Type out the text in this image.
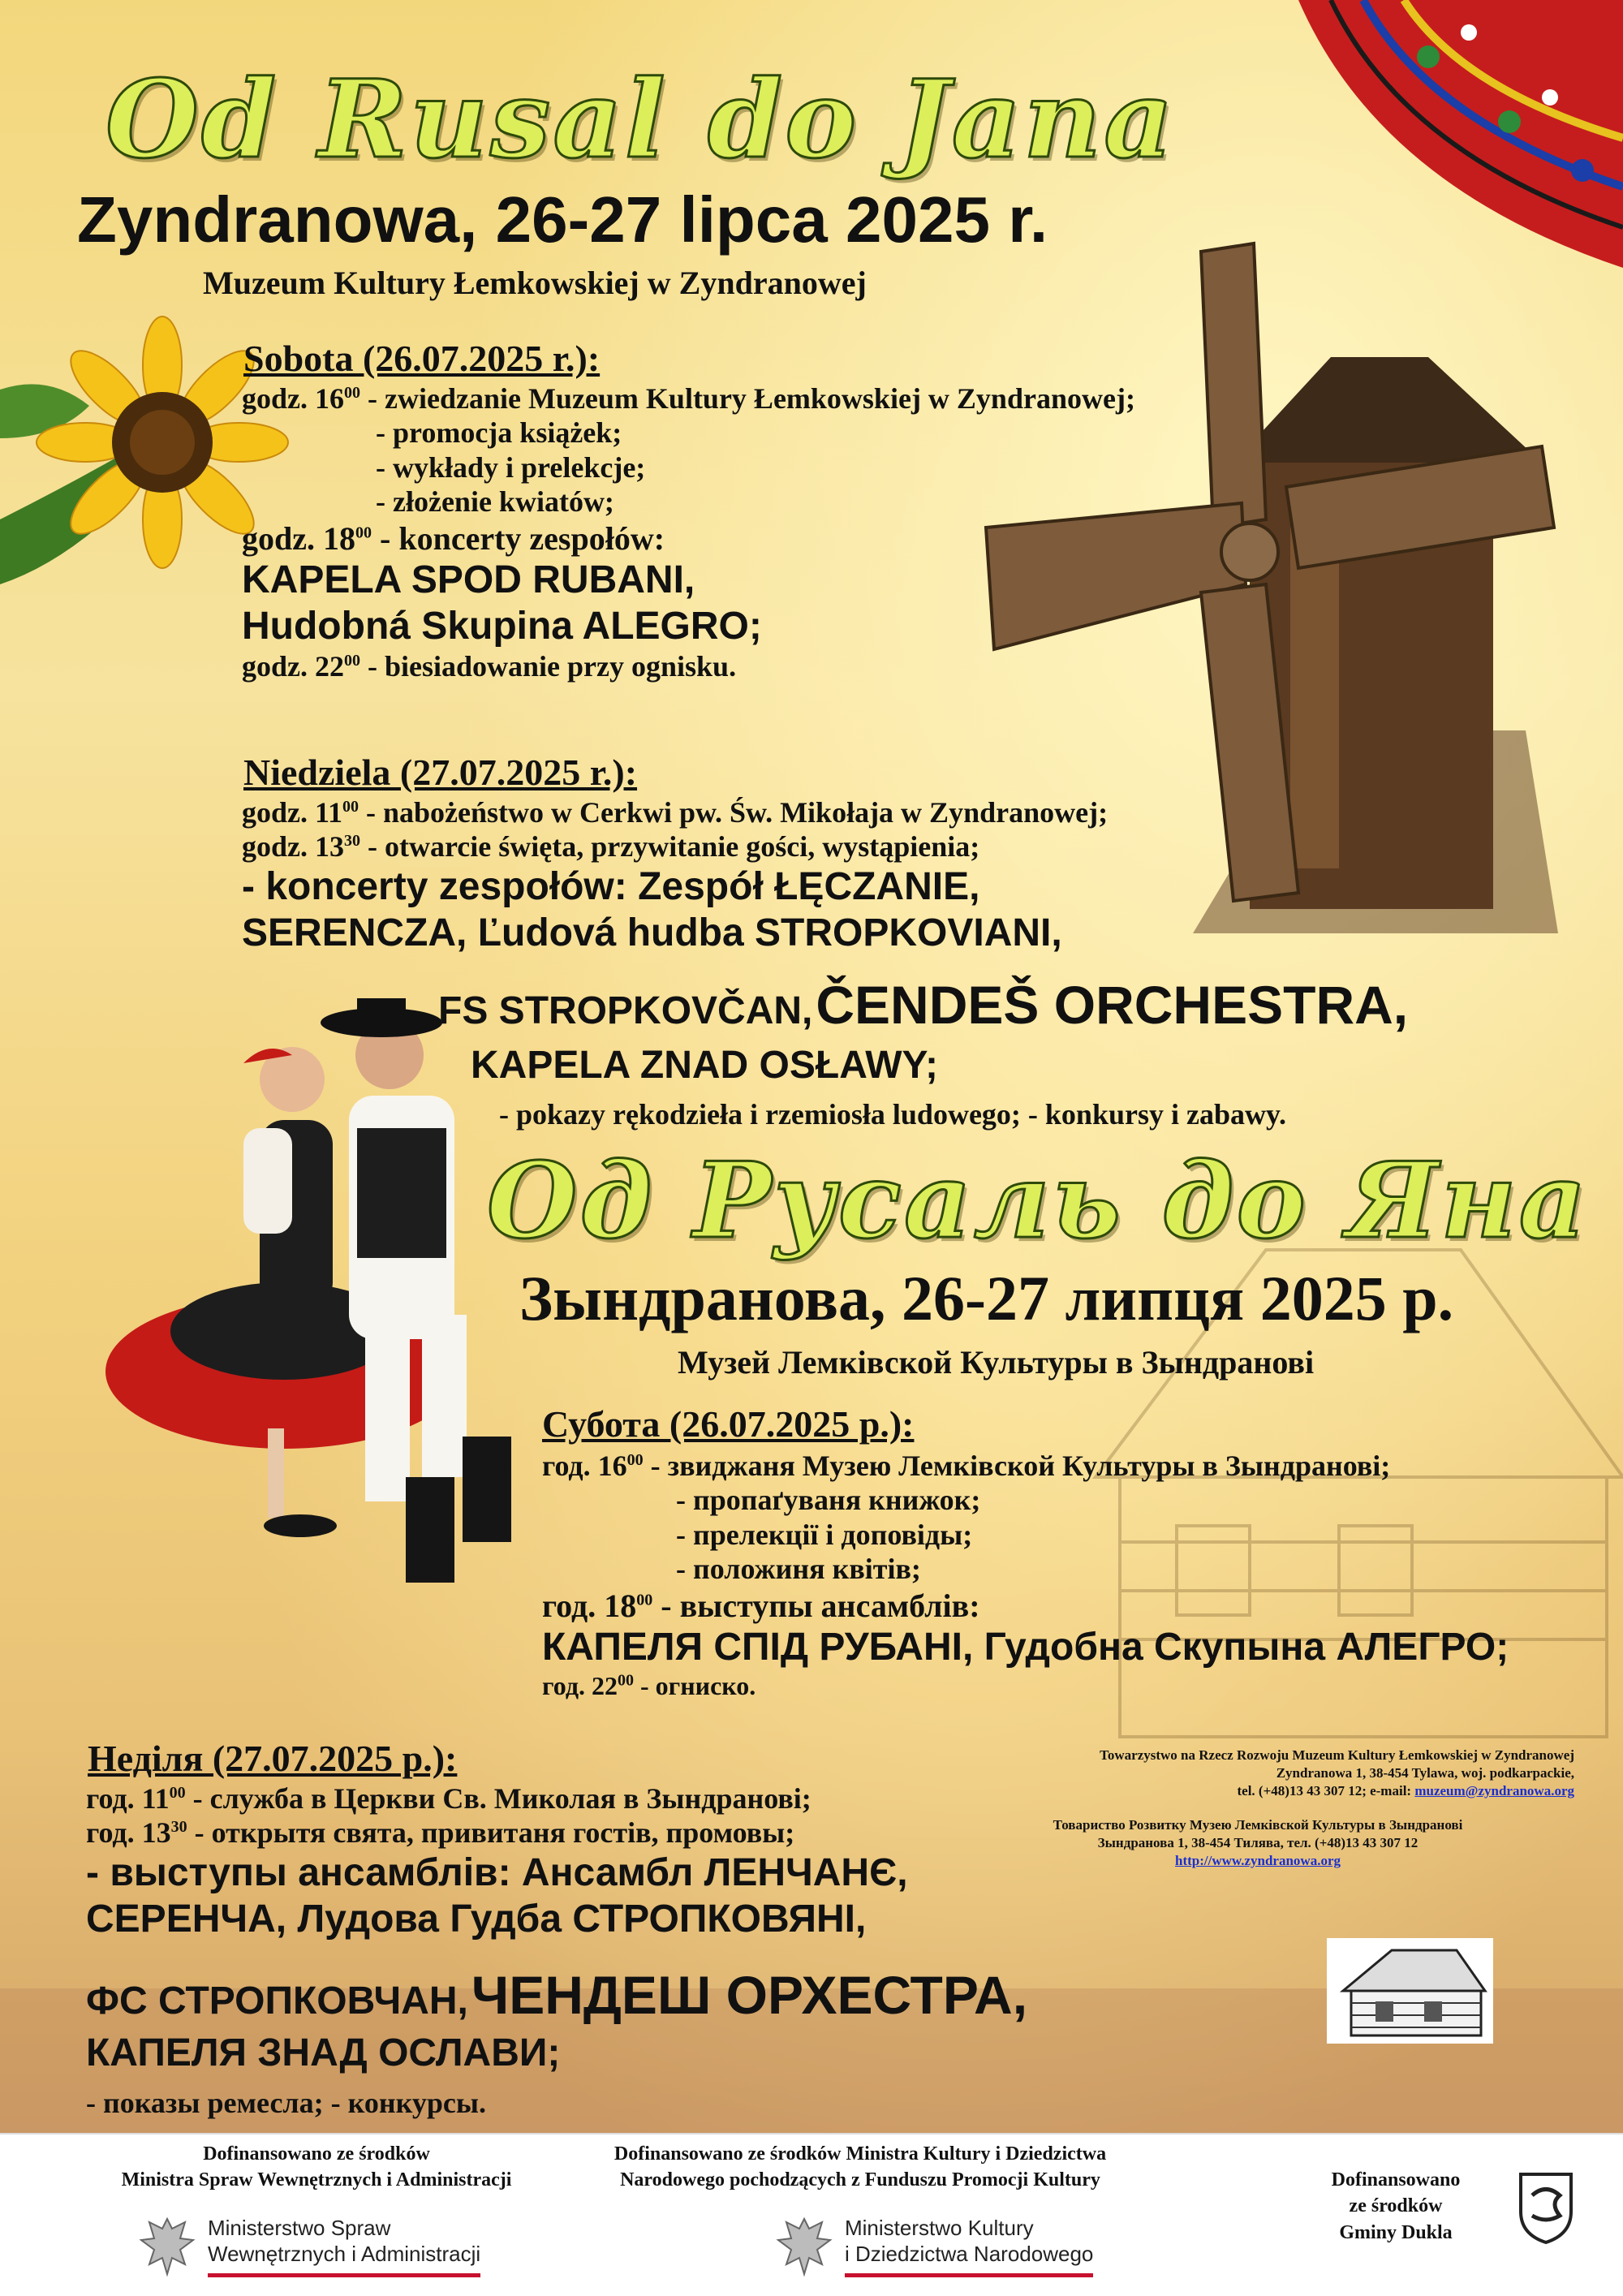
Od Rusal do Jana
Zyndranowa, 26-27 lipca 2025 r.
Muzeum Kultury Łemkowskiej w Zyndranowej
Sobota (26.07.2025 r.):
godz. $16^{00}$ - zwiedzanie Muzeum Kultury Łemkowskiej w Zyndranowej;
- promocja książek;
- wykłady i prelekcje;
- złożenie kwiatów;
godz. $18^{00}$ - koncerty zespołów:
KAPELA SPOD RUBANI,
Hudobná Skupina ALEGRO;
godz. $22^{00}$ - biesiadowanie przy ognisku.
Niedziela (27.07.2025 r.):
godz. $11^{00}$ - nabożeństwo w Cerkwi pw. Św. Mikołaja w Zyndranowej;
godz. $13^{30}$ - otwarcie święta, przywitanie gości, wystąpienia;
- koncerty zespołów: Zespół ŁĘCZANIE,
SERENCZA, Ľudová hudba STROPKOVIANI,
FS STROPKOVČAN, ČENDEŠ ORCHESTRA,
KAPELA ZNAD OSŁAWY;
- pokazy rękodzieła i rzemiosła ludowego; - konkursy i zabawy.
Од Русаль до Яна
Зындранова, 26-27 липця 2025 р.
Музей Лемківской Культуры в Зындранові
Субота (26.07.2025 р.):
год. $16^{00}$ - звиджаня Музею Лемківской Культуры в Зындранові;
- пропаґуваня книжок;
- прелекції і доповіды;
- положиня квітів;
год. $18^{00}$ - выступы ансамблів:
КАПЕЛЯ СПІД РУБАНІ, Гудобна Скупына АЛЕГРО;
год. $22^{00}$ - огниско.
Неділя (27.07.2025 р.):
год. $11^{00}$ - служба в Церкви Св. Миколая в Зындранові;
год. $13^{30}$ - открытя свята, привитаня гостів, промовы;
- выступы ансамблів: Ансамбл ЛЕНЧАНЄ,
СЕРЕНЧА, Лудова Гудба СТРОПКОВЯНІ,
ФС СТРОПКОВЧАН, ЧЕНДЕШ ОРХЕСТРА,
КАПЕЛЯ ЗНАД ОСЛАВИ;
- показы ремесла; - конкурсы.
Towarzystwo na Rzecz Rozwoju Muzeum Kultury Łemkowskiej w Zyndranowej
Zyndranowa 1, 38-454 Tylawa, woj. podkarpackie,
tel. (+48)13 43 307 12; e-mail: muzeum@zyndranowa.org
Товариство Розвитку Музею Лемківской Культуры в Зындранові
Зындранова 1, 38-454 Тилява, тел. (+48)13 43 307 12
http://www.zyndranowa.org
Dofinansowano ze środków
Ministra Spraw Wewnętrznych i Administracji
Ministerstwo Spraw
Wewnętrznych i Administracji
Dofinansowano ze środków Ministra Kultury i Dziedzictwa
Narodowego pochodzących z Funduszu Promocji Kultury
Ministerstwo Kultury
i Dziedzictwa Narodowego
Dofinansowano
ze środków
Gminy Dukla
